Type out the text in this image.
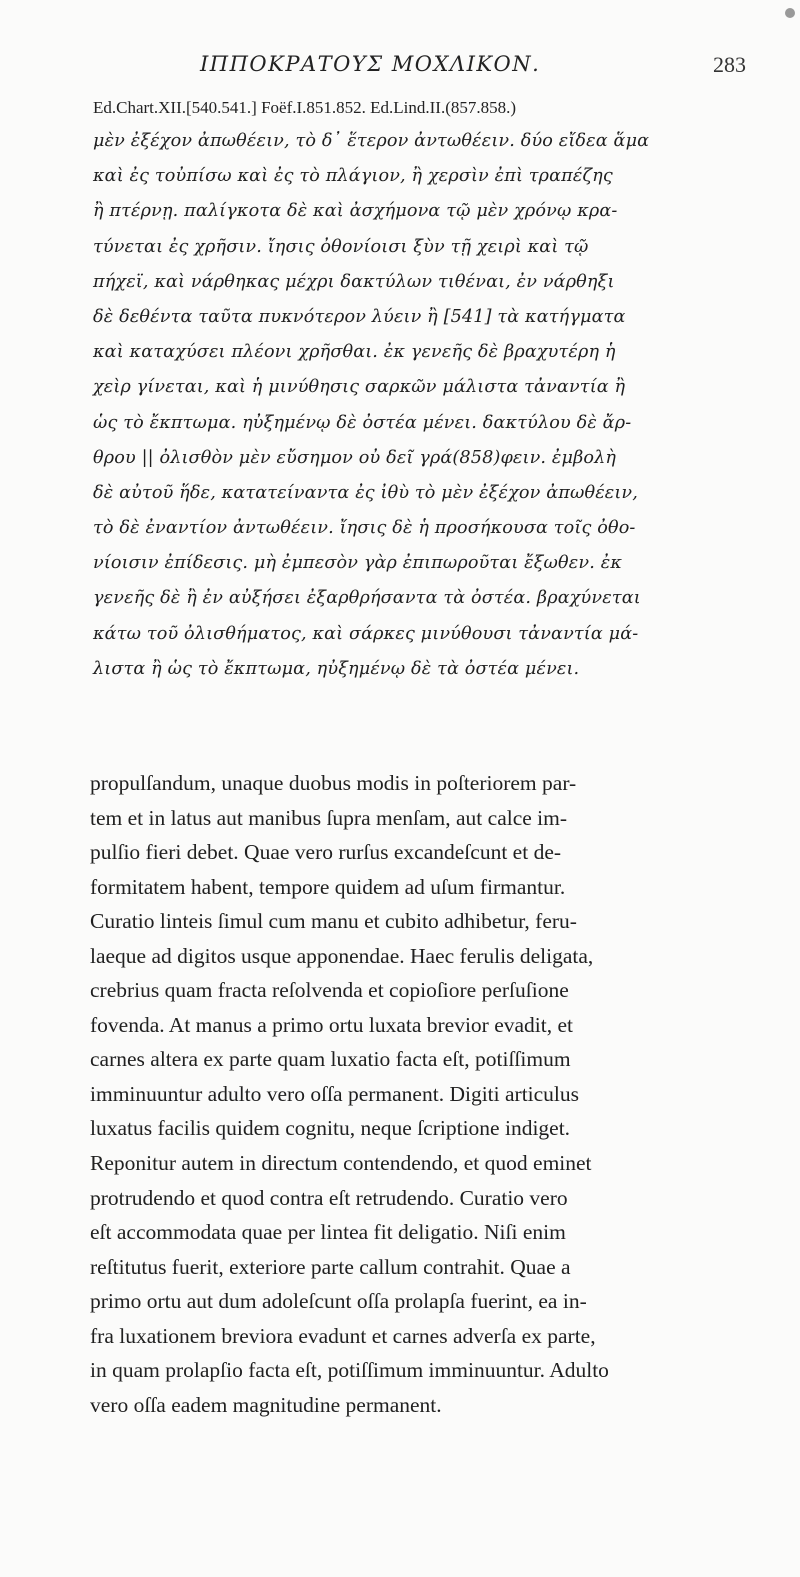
ΙΠΠΟΚΡΑΤΟΥΣ ΜΟΧΛΙΚΟΝ.	283
Ed.Chart.XII.[540.541.] Foëf.I.851.852. Ed.Lind.II.(857.858.)
μὲν ἐξέχον ἀπωθέειν, τὸ δ᾿ ἕτερον ἀντωθέειν. δύο εἴδεα ἅμα
καὶ ἐς τοὐπίσω καὶ ἐς τὸ πλάγιον, ἢ χερσὶν ἐπὶ τραπέζης
ἢ πτέρνῃ. παλίγκοτα δὲ καὶ ἀσχήμονα τῷ μὲν χρόνῳ κρα-
τύνεται ἐς χρῆσιν. ἴησις ὀθονίοισι ξὺν τῇ χειρὶ καὶ τῷ
πήχεϊ, καὶ νάρθηκας μέχρι δακτύλων τιθέναι, ἐν νάρθηξι
δὲ δεθέντα ταῦτα πυκνότερον λύειν ἢ [541] τὰ κατήγματα
καὶ καταχύσει πλέονι χρῆσθαι. ἐκ γενεῆς δὲ βραχυτέρη ἡ
χεὶρ γίνεται, καὶ ἡ μινύθησις σαρκῶν μάλιστα τἀναντία ἢ
ὡς τὸ ἔκπτωμα. ηὐξημένῳ δὲ ὀστέα μένει. δακτύλου δὲ ἄρ-
θρου || ὀλισθὸν μὲν εὔσημον οὐ δεῖ γρά(858)φειν. ἐμβολὴ
δὲ αὐτοῦ ἥδε, κατατείναντα ἐς ἰθὺ τὸ μὲν ἐξέχον ἀπωθέειν,
τὸ δὲ ἐναντίον ἀντωθέειν. ἴησις δὲ ἡ προσήκουσα τοῖς ὀθο-
νίοισιν ἐπίδεσις. μὴ ἐμπεσὸν γὰρ ἐπιπωροῦται ἔξωθεν. ἐκ
γενεῆς δὲ ἢ ἐν αὐξήσει ἐξαρθρήσαντα τὰ ὀστέα. βραχύνεται
κάτω τοῦ ὀλισθήματος, καὶ σάρκες μινύθουσι τἀναντία μά-
λιστα ἢ ὡς τὸ ἔκπτωμα, ηὐξημένῳ δὲ τὰ ὀστέα μένει.
propulſandum, unaque duobus modis in poſteriorem par-
tem et in latus aut manibus ſupra menſam, aut calce im-
pulſio fieri debet. Quae vero rurſus excandeſcunt et de-
formitatem habent, tempore quidem ad uſum firmantur.
Curatio linteis ſimul cum manu et cubito adhibetur, feru-
laeque ad digitos usque apponendae. Haec ferulis deligata,
crebrius quam fracta reſolvenda et copioſiore perſuſione
fovenda. At manus a primo ortu luxata brevior evadit, et
carnes altera ex parte quam luxatio facta eſt, potiſſimum
imminuuntur adulto vero oſſa permanent. Digiti articulus
luxatus facilis quidem cognitu, neque ſcriptione indiget.
Reponitur autem in directum contendendo, et quod eminet
protrudendo et quod contra eſt retrudendo. Curatio vero
eſt accommodata quae per lintea fit deligatio. Niſi enim
reſtitutus fuerit, exteriore parte callum contrahit. Quae a
primo ortu aut dum adoleſcunt oſſa prolapſa fuerint, ea in-
fra luxationem breviora evadunt et carnes adverſa ex parte,
in quam prolapſio facta eſt, potiſſimum imminuuntur. Adulto
vero oſſa eadem magnitudine permanent.
